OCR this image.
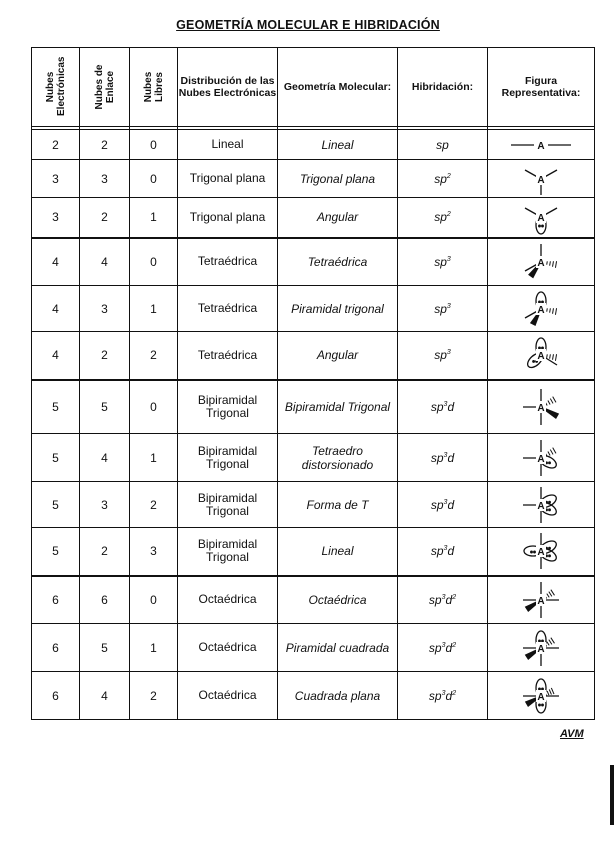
GEOMETRÍA MOLECULAR E HIBRIDACIÓN
Nubes Electrónicas	Nubes de Enlace	Nubes Libres	Distribución de las Nubes Electrónicas	Geometría Molecular:	Hibridación:	Figura Representativa:

2	2	0	Lineal	Lineal	sp	A

3	3	0	Trigonal plana	Trigonal plana	$sp^2$	A

3	2	1	Trigonal plana	Angular	$sp^2$	A

4	4	0	Tetraédrica	Tetraédrica	$sp^3$	A

4	3	1	Tetraédrica	Piramidal trigonal	$sp^3$	A

4	2	2	Tetraédrica	Angular	$sp^3$	A

5	5	0	Bipiramidal Trigonal	Bipiramidal Trigonal	$sp^3d$	A

5	4	1	Bipiramidal Trigonal	Tetraedro distorsionado	$sp^3d$	A

5	3	2	Bipiramidal Trigonal	Forma de T	$sp^3d$	A

5	2	3	Bipiramidal Trigonal	Lineal	$sp^3d$	A

6	6	0	Octaédrica	Octaédrica	$sp^3d^2$	A

6	5	1	Octaédrica	Piramidal cuadrada	$sp^3d^2$	A

6	4	2	Octaédrica	Cuadrada plana	$sp^3d^2$	A
AVM
